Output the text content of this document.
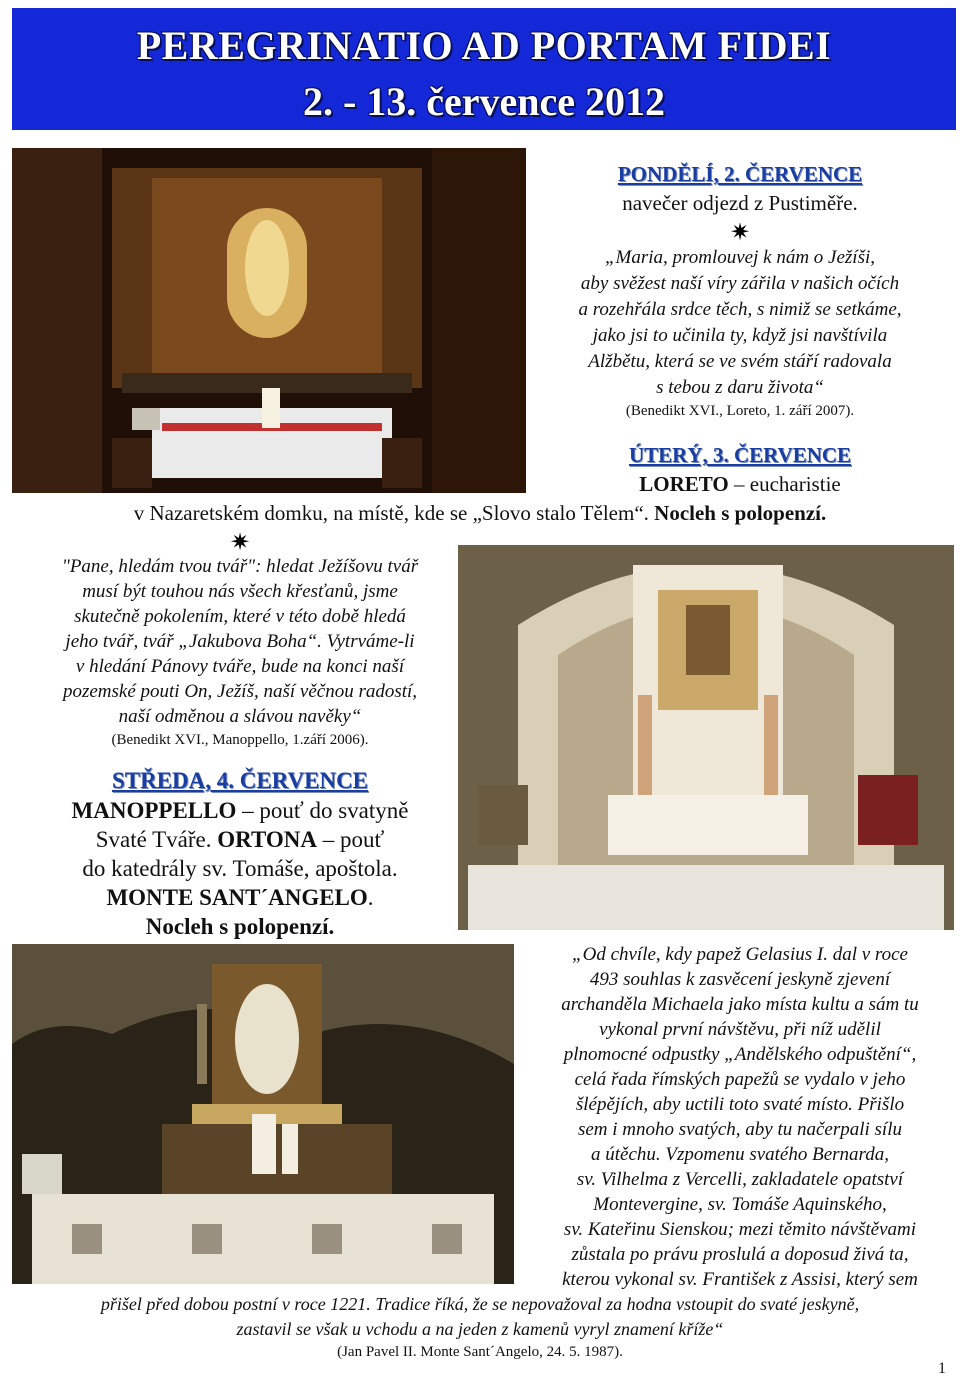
PEREGRINATIO AD PORTAM FIDEI
2. - 13. července 2012
PONDĚLÍ, 2. ČERVENCE
navečer odjezd z Pustiměře.
✷
„Maria, promlouvej k nám o Ježíši,
aby svěžest naší víry zářila v našich očích
a rozehřála srdce těch, s nimiž se setkáme,
jako jsi to učinila ty, když jsi navštívila
Alžbětu, která se ve svém stáří radovala
s tebou z daru života“
(Benedikt XVI., Loreto, 1. září 2007).
ÚTERÝ, 3. ČERVENCE
LORETO – eucharistie
v Nazaretském domku, na místě, kde se „Slovo stalo Tělem“. Nocleh s polopenzí.
✷
"Pane, hledám tvou tvář": hledat Ježíšovu tvář
musí být touhou nás všech křesťanů, jsme
skutečně pokolením, které v této době hledá
jeho tvář, tvář „Jakubova Boha“. Vytrváme-li
v hledání Pánovy tváře, bude na konci naší
pozemské pouti On, Ježíš, naší věčnou radostí,
naší odměnou a slávou navěky“
(Benedikt XVI., Manoppello, 1.září 2006).
STŘEDA, 4. ČERVENCE
MANOPPELLO – pouť do svatyně
Svaté Tváře. ORTONA – pouť
do katedrály sv. Tomáše, apoštola.
MONTE SANT´ANGELO.
Nocleh s polopenzí.
„Od chvíle, kdy papež Gelasius I. dal v roce
493 souhlas k zasvěcení jeskyně zjevení
archanděla Michaela jako místa kultu a sám tu
vykonal první návštěvu, při níž udělil
plnomocné odpustky „Andělského odpuštění“,
celá řada římských papežů se vydalo v jeho
šlépějích, aby uctili toto svaté místo. Přišlo
sem i mnoho svatých, aby tu načerpali sílu
a útěchu. Vzpomenu svatého Bernarda,
sv. Vilhelma z Vercelli, zakladatele opatství
Montevergine, sv. Tomáše Aquinského,
sv. Kateřinu Sienskou; mezi těmito návštěvami
zůstala po právu proslulá a doposud živá ta,
kterou vykonal sv. František z Assisi, který sem
přišel před dobou postní v roce 1221. Tradice říká, že se nepovažoval za hodna vstoupit do svaté jeskyně,
zastavil se však u vchodu a na jeden z kamenů vyryl znamení kříže“
(Jan Pavel II. Monte Sant´Angelo, 24. 5. 1987).
1
